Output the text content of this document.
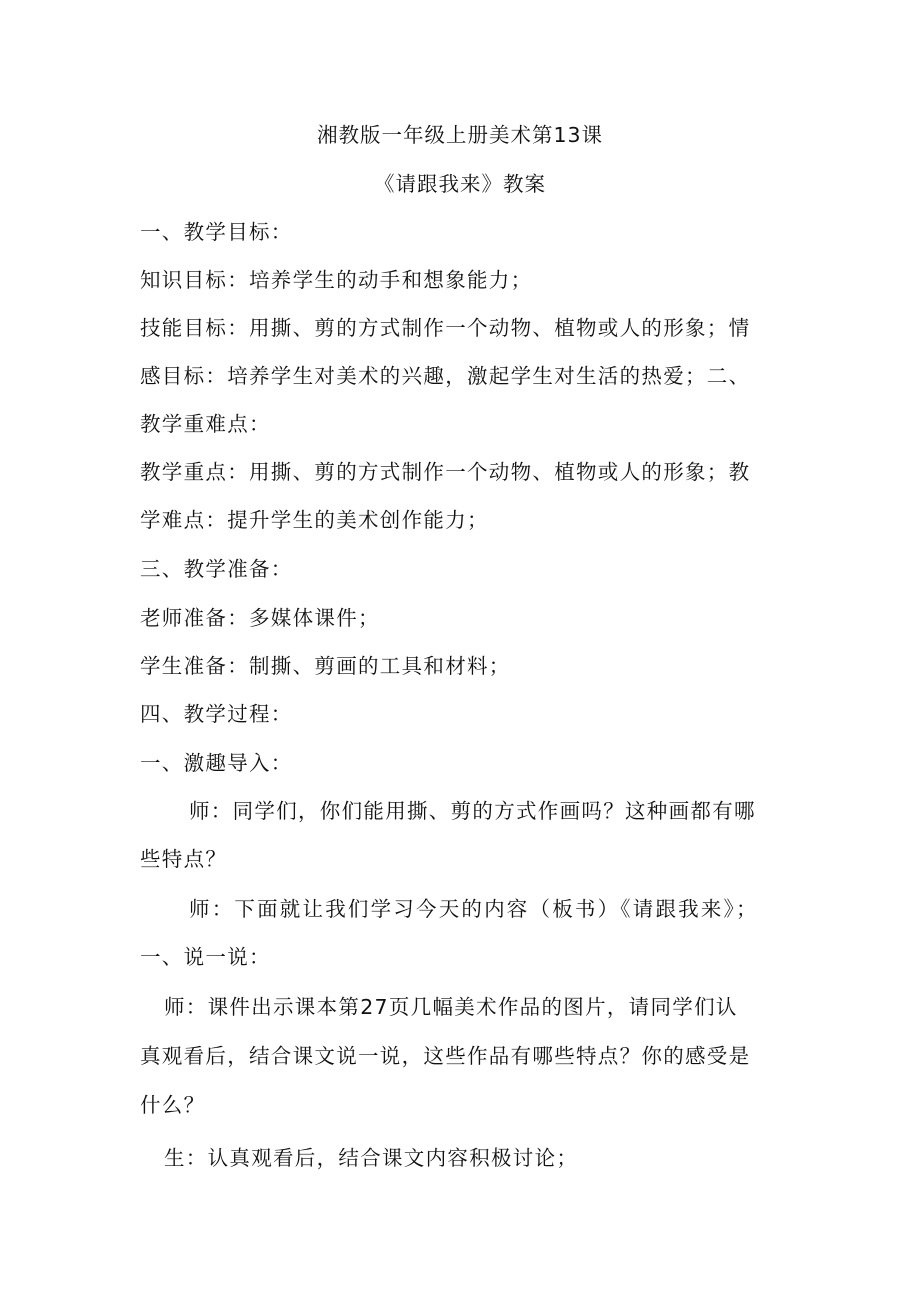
湘教版一年级上册美术第13课
《请跟我来》教案
一、教学目标：
知识目标：培养学生的动手和想象能力；
技能目标：用撕、剪的方式制作一个动物、植物或人的形象；情
感目标：培养学生对美术的兴趣，激起学生对生活的热爱；二、
教学重难点：
教学重点：用撕、剪的方式制作一个动物、植物或人的形象；教
学难点：提升学生的美术创作能力；
三、教学准备：
老师准备：多媒体课件；
学生准备：制撕、剪画的工具和材料；
四、教学过程：
一、激趣导入：
师：同学们，你们能用撕、剪的方式作画吗？这种画都有哪
些特点？
师：下面就让我们学习今天的内容（板书）《请跟我来》；
一、说一说：
师：课件出示课本第27页几幅美术作品的图片，请同学们认
真观看后，结合课文说一说，这些作品有哪些特点？你的感受是
什么？
生：认真观看后，结合课文内容积极讨论；
